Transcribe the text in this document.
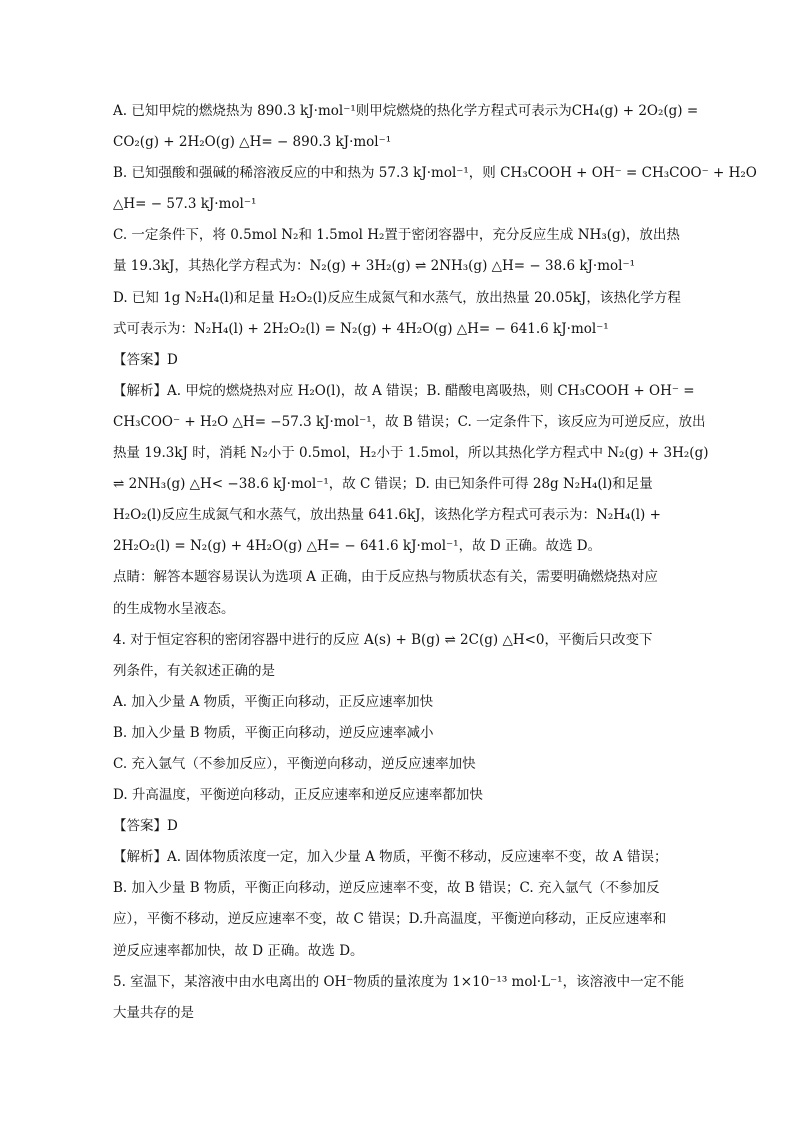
A. 已知甲烷的燃烧热为 890.3 kJ·mol⁻¹则甲烷燃烧的热化学方程式可表示为CH₄(g) + 2O₂(g) =
CO₂(g) + 2H₂O(g) △H= − 890.3 kJ·mol⁻¹
B. 已知强酸和强碱的稀溶液反应的中和热为 57.3 kJ·mol⁻¹，则 CH₃COOH + OH⁻ = CH₃COO⁻ + H₂O
△H= − 57.3 kJ·mol⁻¹
C. 一定条件下，将 0.5mol N₂和 1.5mol H₂置于密闭容器中，充分反应生成 NH₃(g)，放出热
量 19.3kJ，其热化学方程式为：N₂(g) + 3H₂(g) ⇌ 2NH₃(g) △H= − 38.6 kJ·mol⁻¹
D. 已知 1g N₂H₄(l)和足量 H₂O₂(l)反应生成氮气和水蒸气，放出热量 20.05kJ，该热化学方程
式可表示为：N₂H₄(l) + 2H₂O₂(l) = N₂(g) + 4H₂O(g) △H= − 641.6 kJ·mol⁻¹
【答案】D
【解析】A. 甲烷的燃烧热对应 H₂O(l)，故 A 错误；B. 醋酸电离吸热，则 CH₃COOH + OH⁻ =
CH₃COO⁻ + H₂O △H= −57.3 kJ·mol⁻¹，故 B 错误；C. 一定条件下，该反应为可逆反应，放出
热量 19.3kJ 时，消耗 N₂小于 0.5mol，H₂小于 1.5mol，所以其热化学方程式中 N₂(g) + 3H₂(g)
⇌ 2NH₃(g) △H< −38.6 kJ·mol⁻¹，故 C 错误；D. 由已知条件可得 28g N₂H₄(l)和足量
H₂O₂(l)反应生成氮气和水蒸气，放出热量 641.6kJ，该热化学方程式可表示为：N₂H₄(l) +
2H₂O₂(l) = N₂(g) + 4H₂O(g) △H= − 641.6 kJ·mol⁻¹，故 D 正确。故选 D。
点睛：解答本题容易误认为选项 A 正确，由于反应热与物质状态有关，需要明确燃烧热对应
的生成物水呈液态。
4. 对于恒定容积的密闭容器中进行的反应 A(s) + B(g) ⇌ 2C(g) △H<0，平衡后只改变下
列条件，有关叙述正确的是
A. 加入少量 A 物质，平衡正向移动，正反应速率加快
B. 加入少量 B 物质，平衡正向移动，逆反应速率减小
C. 充入氩气（不参加反应），平衡逆向移动，逆反应速率加快
D. 升高温度，平衡逆向移动，正反应速率和逆反应速率都加快
【答案】D
【解析】A. 固体物质浓度一定，加入少量 A 物质，平衡不移动，反应速率不变，故 A 错误；
B. 加入少量 B 物质，平衡正向移动，逆反应速率不变，故 B 错误；C. 充入氩气（不参加反
应），平衡不移动，逆反应速率不变，故 C 错误；D.升高温度，平衡逆向移动，正反应速率和
逆反应速率都加快，故 D 正确。故选 D。
5. 室温下，某溶液中由水电离出的 OH⁻物质的量浓度为 1×10⁻¹³ mol·L⁻¹，该溶液中一定不能
大量共存的是
